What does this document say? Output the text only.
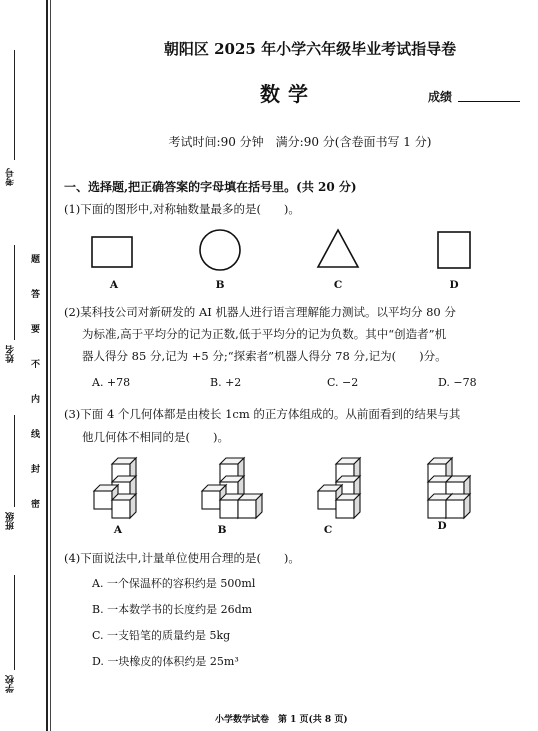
考号
姓名
班级
学校
题
答
要
不
内
线
封
密
朝阳区 2025 年小学六年级毕业考试指导卷
数学	成绩
考试时间:90 分钟　满分:90 分(含卷面书写 1 分)
一、选择题,把正确答案的字母填在括号里。(共 20 分)
(1)下面的图形中,对称轴数量最多的是(　　)。
A	B	C	D
(2)某科技公司对新研发的 AI 机器人进行语言理解能力测试。以平均分 80 分
为标准,高于平均分的记为正数,低于平均分的记为负数。其中“创造者”机
器人得分 85 分,记为 +5 分;“探索者”机器人得分 78 分,记为(　　)分。
A. +78	B. +2	C. −2	D. −78
(3)下面 4 个几何体都是由棱长 1cm 的正方体组成的。从前面看到的结果与其
他几何体不相同的是(　　)。
A	B	C	D
(4)下面说法中,计量单位使用合理的是(　　)。
A. 一个保温杯的容积约是 500ml
B. 一本数学书的长度约是 26dm
C. 一支铅笔的质量约是 5kg
D. 一块橡皮的体积约是 25m³
小学数学试卷　第 1 页(共 8 页)
